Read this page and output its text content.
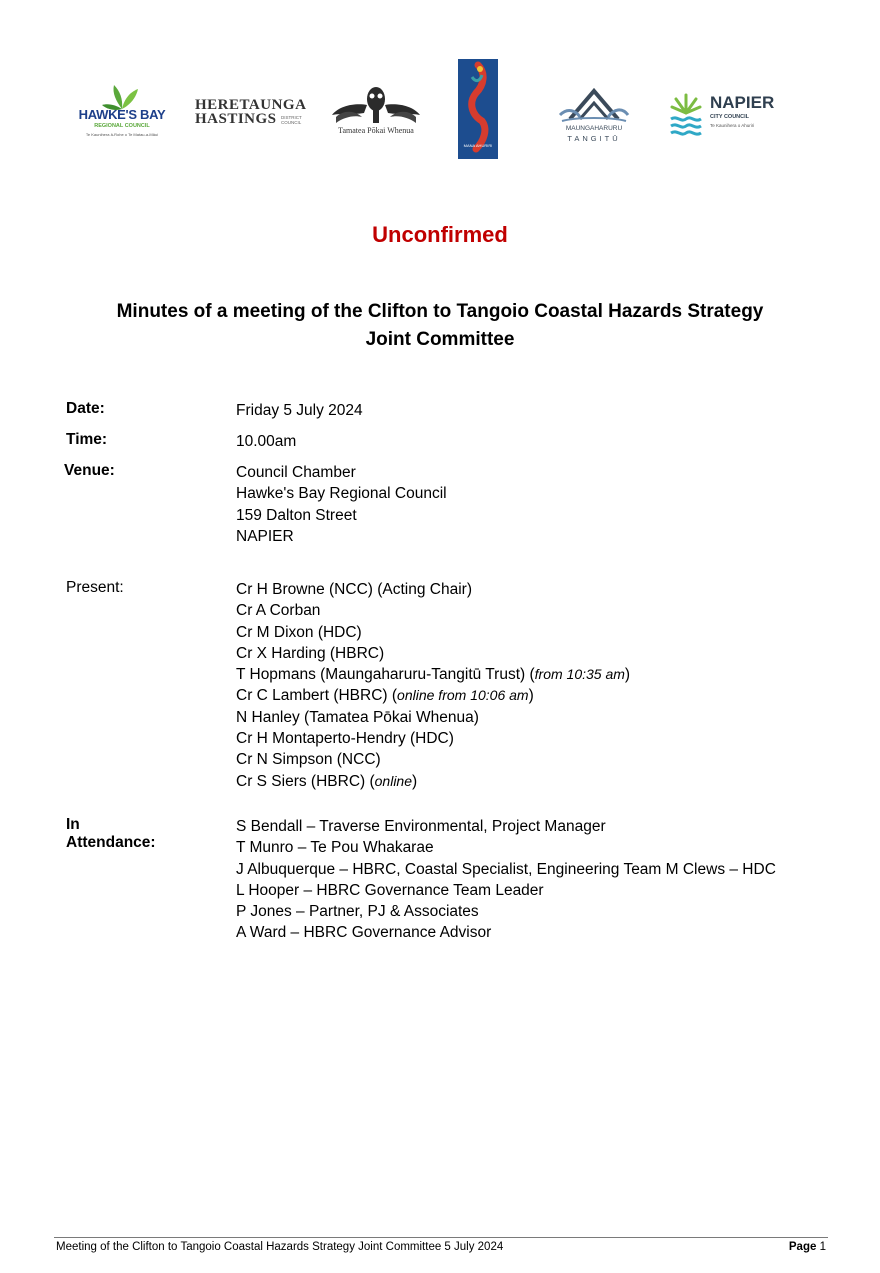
HAWKE'S BAY
REGIONAL COUNCIL
Te Kaunihera ā-Rohe o Te Matau-a-Māui
HERETAUNGA
HASTINGS DISTRICT COUNCIL
Tamatea Pōkai Whenua
MANA AHURIRI
MAUNGAHARURU
TANGITŪ
NAPIER
CITY COUNCIL
Te Kaunihera o Ahuriri
Unconfirmed
Minutes of a meeting of the Clifton to Tangoio Coastal Hazards Strategy
Joint Committee
Date:	Friday 5 July 2024
Time:	10.00am
Venue:	Council Chamber
Hawke's Bay Regional Council
159 Dalton Street
NAPIER
Present:	Cr H Browne (NCC) (Acting Chair)
Cr A Corban
Cr M Dixon (HDC)
Cr X Harding (HBRC)
T Hopmans (Maungaharuru-Tangitū Trust) (from 10:35 am)
Cr C Lambert (HBRC) (online from 10:06 am)
N Hanley (Tamatea Pōkai Whenua)
Cr H Montaperto-Hendry (HDC)
Cr N Simpson (NCC)
Cr S Siers (HBRC) (online)
In Attendance:
S Bendall – Traverse Environmental, Project Manager
T Munro – Te Pou Whakarae
J Albuquerque – HBRC, Coastal Specialist, Engineering Team M Clews – HDC
L Hooper – HBRC Governance Team Leader
P Jones – Partner, PJ & Associates
A Ward – HBRC Governance Advisor
Meeting of the Clifton to Tangoio Coastal Hazards Strategy Joint Committee 5 July 2024	Page 1
